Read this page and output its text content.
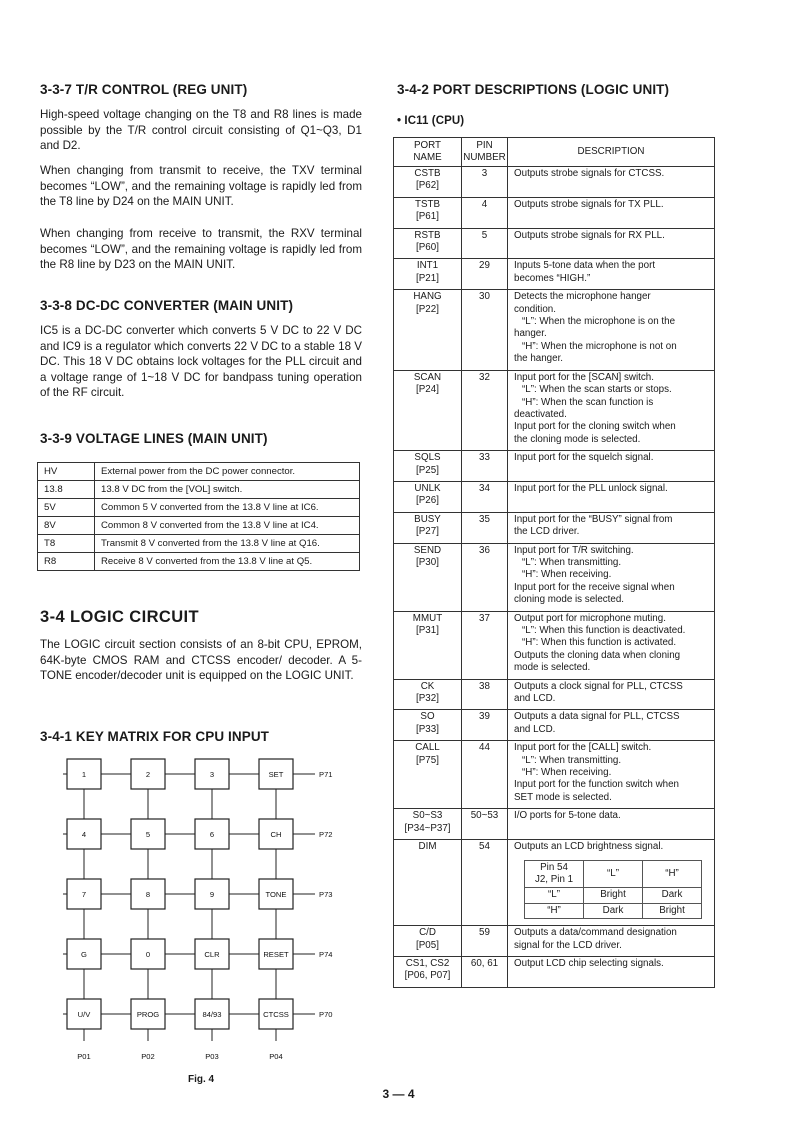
3-3-7 T/R CONTROL (REG UNIT)

High-speed voltage changing on the T8 and R8 lines is made possible by the T/R control circuit consisting of Q1~Q3, D1 and D2.

When changing from transmit to receive, the TXV terminal becomes “LOW”, and the remaining voltage is rapidly led from the T8 line by D24 on the MAIN UNIT.

When changing from receive to transmit, the RXV terminal becomes “LOW”, and the remaining voltage is rapidly led from the R8 line by D23 on the MAIN UNIT.

3-3-8 DC-DC CONVERTER (MAIN UNIT)

IC5 is a DC-DC converter which converts 5 V DC to 22 V DC and IC9 is a regulator which converts 22 V DC to a stable 18 V DC. This 18 V DC obtains lock voltages for the PLL circuit and a voltage range of 1~18 V DC for bandpass tuning operation of the RF circuit.

3-3-9 VOLTAGE LINES (MAIN UNIT)
HV	External power from the DC power connector.
13.8	13.8 V DC from the [VOL] switch.
5V	Common 5 V converted from the 13.8 V line at IC6.
8V	Common 8 V converted from the 13.8 V line at IC4.
T8	Transmit 8 V converted from the 13.8 V line at Q16.
R8	Receive 8 V converted from the 13.8 V line at Q5.
3-4 LOGIC CIRCUIT

The LOGIC circuit section consists of an 8-bit CPU, EPROM, 64K-byte CMOS RAM and CTCSS encoder/ decoder. A 5-TONE encoder/decoder unit is equipped on the LOGIC UNIT.

3-4-1 KEY MATRIX FOR CPU INPUT
P71
P72
P73
P74
P70
1	2	3	SET
4	5	6	CH
7	8	9	TONE
G	0	CLR	RESET
U/V	PROG	84/93	CTCSS
P01	P02	P03	P04
Fig. 4
3-4-2 PORT DESCRIPTIONS (LOGIC UNIT)
• IC11 (CPU)
PORT
NAME

PIN
NUMBER
	DESCRIPTION

CSTB
[P62]
	3	Outputs strobe signals for CTCSS.

TSTB
[P61]
	4	Outputs strobe signals for TX PLL.

RSTB
[P60]
	5	Outputs strobe signals for RX PLL.

INT1
[P21]
	29	Inputs 5-tone data when the port
becomes “HIGH.”

HANG
[P22]
	30	Detects the microphone hanger
condition.
“L”: When the microphone is on the
hanger.
“H”: When the microphone is not on
the hanger.

SCAN
[P24]
	32	Input port for the [SCAN] switch.
“L”: When the scan starts or stops.
“H”: When the scan function is
deactivated.
Input port for the cloning switch when
the cloning mode is selected.

SQLS
[P25]
	33	Input port for the squelch signal.

UNLK
[P26]
	34	Input port for the PLL unlock signal.

BUSY
[P27]
	35	Input port for the “BUSY” signal from
the LCD driver.

SEND
[P30]
	36	Input port for T/R switching.
“L”: When transmitting.
“H”: When receiving.
Input port for the receive signal when
cloning mode is selected.

MMUT
[P31]
	37	Output port for microphone muting.
“L”: When this function is deactivated.
“H”: When this function is activated.
Outputs the cloning data when cloning
mode is selected.

CK
[P32]
	38	Outputs a clock signal for PLL, CTCSS
and LCD.

SO
[P33]
	39	Outputs a data signal for PLL, CTCSS
and LCD.

CALL
[P75]
	44	Input port for the [CALL] switch.
“L”: When transmitting.
“H”: When receiving.
Input port for the function switch when
SET mode is selected.

S0~S3
[P34~P37]
	50~53	I/O ports for 5-tone data.

DIM	54	Outputs an LCD brightness signal.
Pin 54
J2, Pin 1
	“L”	“H”
“L”	Bright	Dark
“H”	Dark	Bright

C/D
[P05]
	59	Outputs a data/command designation
signal for the LCD driver.

CS1, CS2
[P06, P07]
	60, 61	Output LCD chip selecting signals.
3 — 4
